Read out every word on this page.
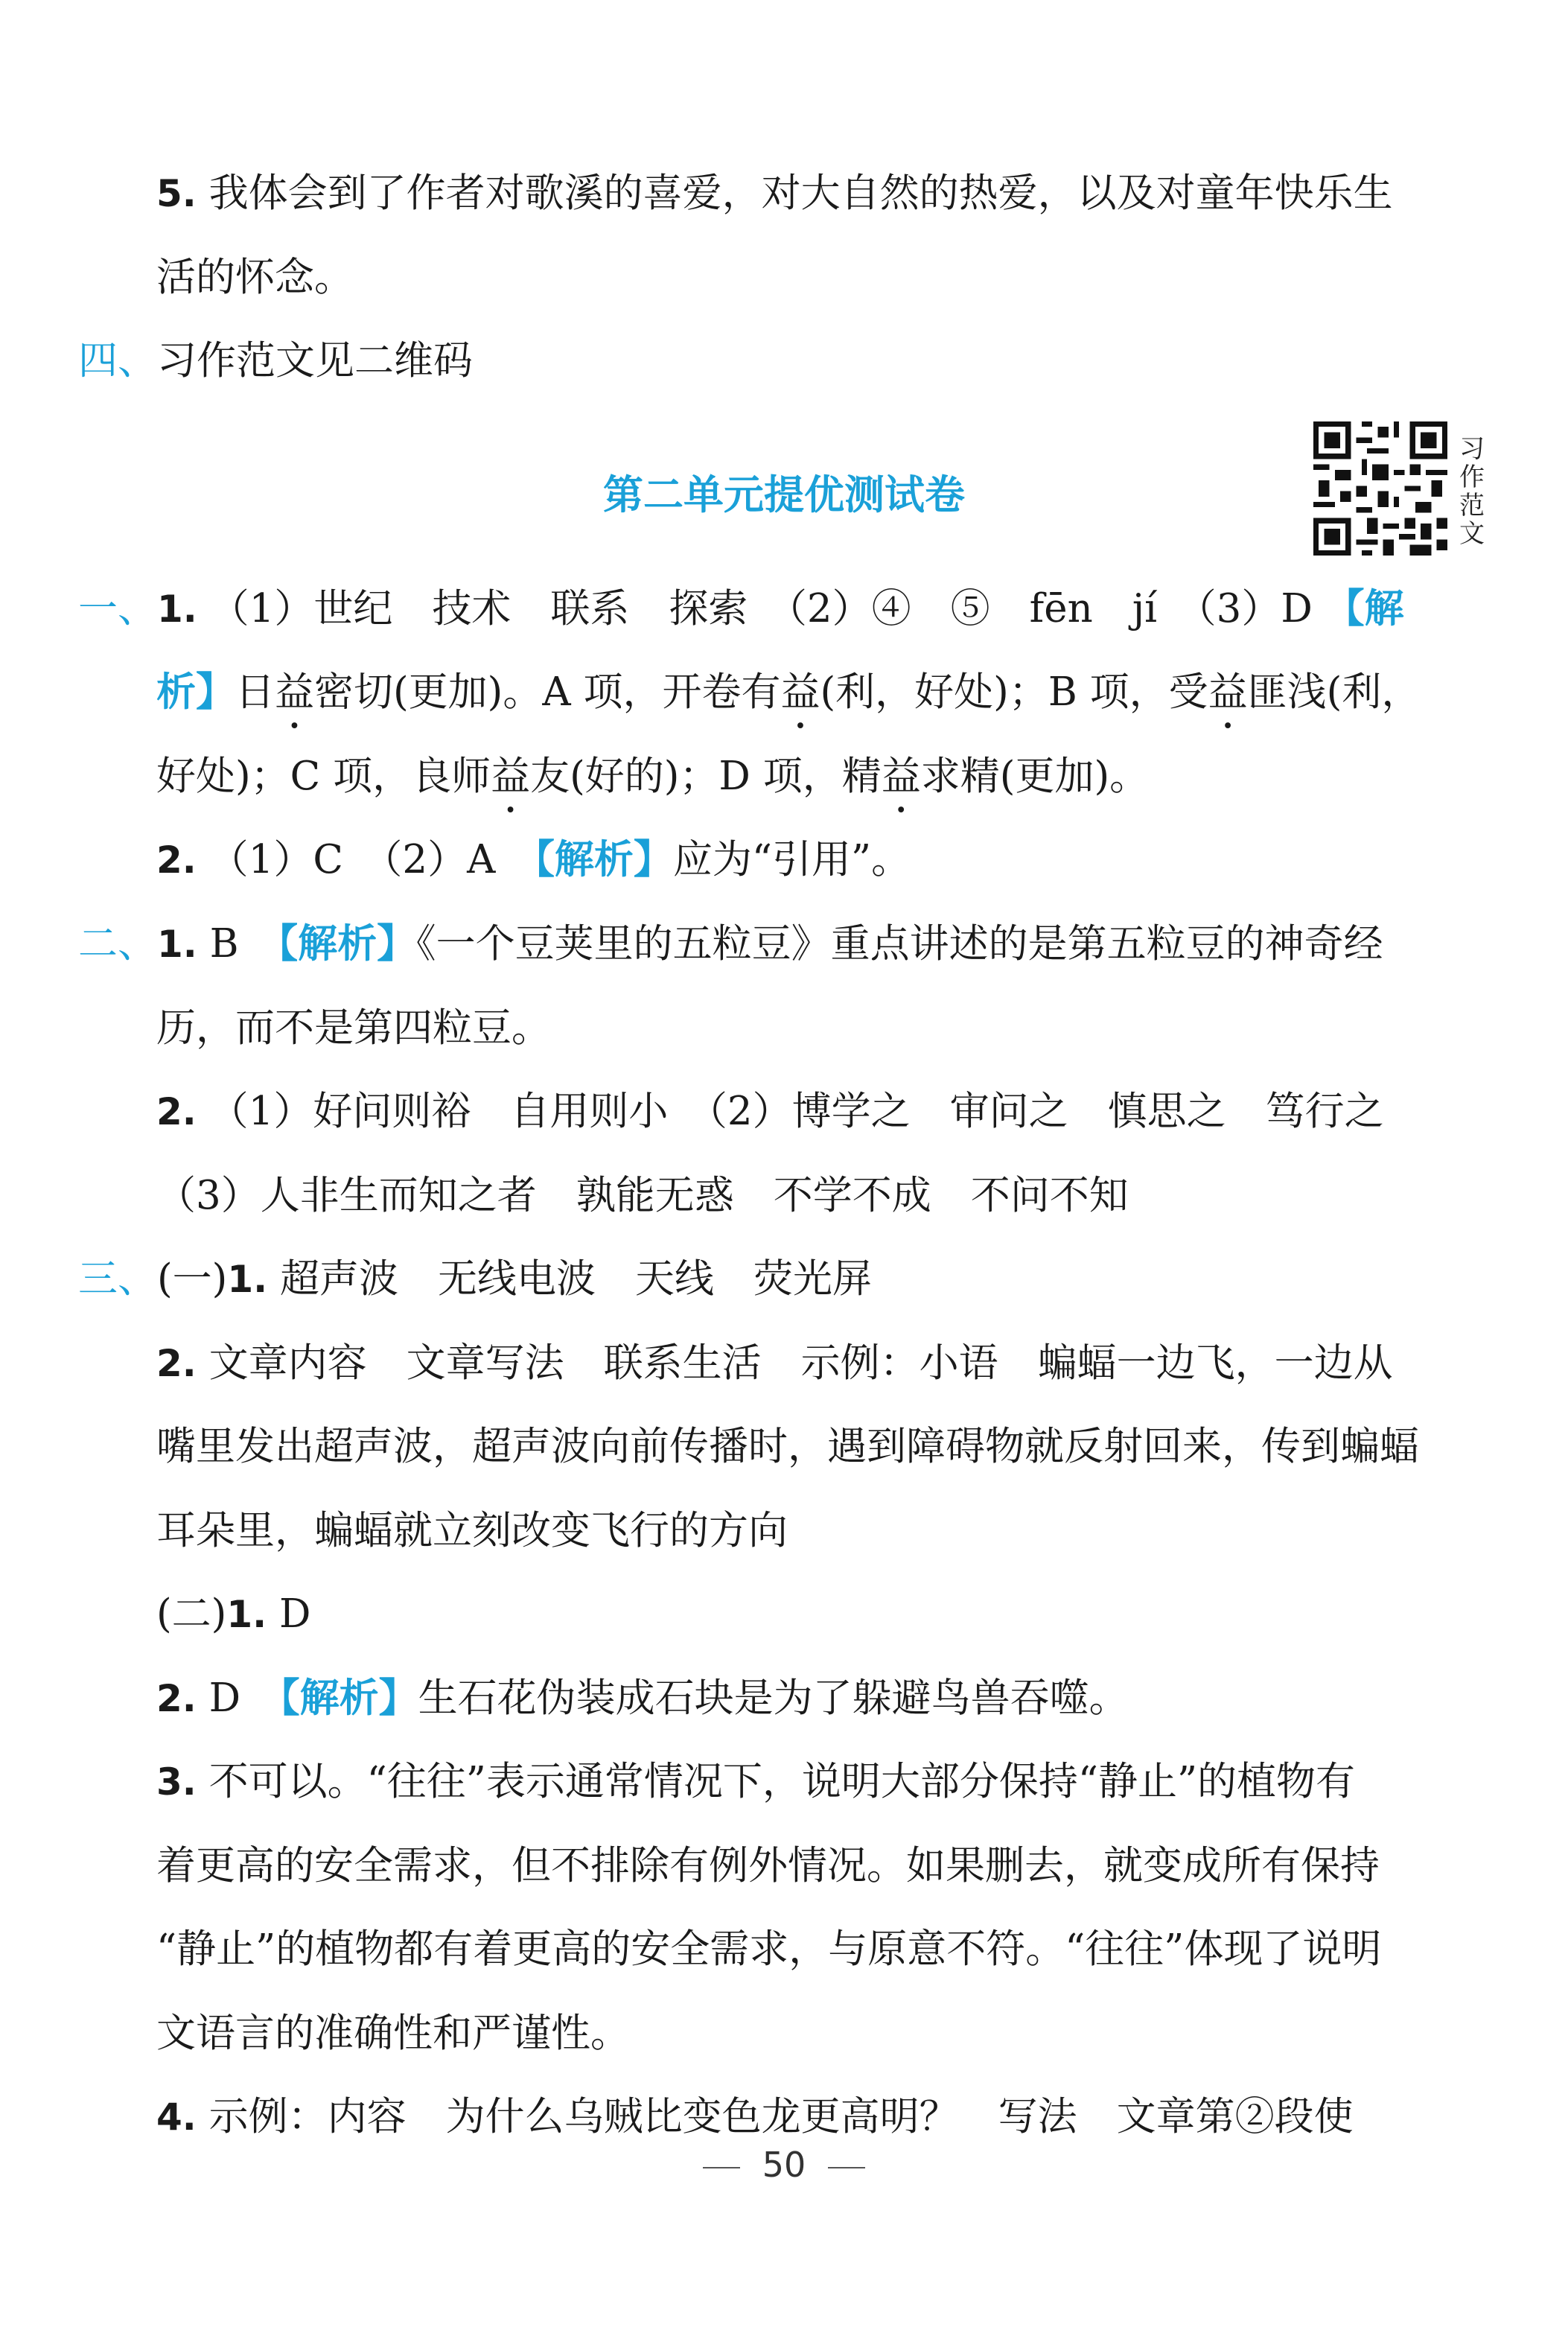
5. 我体会到了作者对歌溪的喜爱，对大自然的热爱，以及对童年快乐生
活的怀念。
四、习作范文见二维码
第二单元提优测试卷
习
作
范
文
一、1. （1）世纪　技术　联系　探索　（2）④　⑤　fēn　jí　（3）D 【解
析】日益密切(更加)。A 项，开卷有益(利，好处)；B 项，受益匪浅(利，
好处)；C 项，良师益友(好的)；D 项，精益求精(更加)。
2. （1）C　（2）A　【解析】应为“引用”。
二、1. B　【解析】《一个豆荚里的五粒豆》重点讲述的是第五粒豆的神奇经
历，而不是第四粒豆。
2. （1）好问则裕　自用则小　（2）博学之　审问之　慎思之　笃行之
（3）人非生而知之者　孰能无惑　不学不成　不问不知
三、(一)1. 超声波　无线电波　天线　荧光屏
2. 文章内容　文章写法　联系生活　示例：小语　蝙蝠一边飞，一边从
嘴里发出超声波，超声波向前传播时，遇到障碍物就反射回来，传到蝙蝠
耳朵里，蝙蝠就立刻改变飞行的方向
(二)1. D
2. D　【解析】生石花伪装成石块是为了躲避鸟兽吞噬。
3. 不可以。“往往”表示通常情况下，说明大部分保持“静止”的植物有
着更高的安全需求，但不排除有例外情况。如果删去，就变成所有保持
“静止”的植物都有着更高的安全需求，与原意不符。“往往”体现了说明
文语言的准确性和严谨性。
4. 示例：内容　为什么乌贼比变色龙更高明？　写法　文章第②段使
50
